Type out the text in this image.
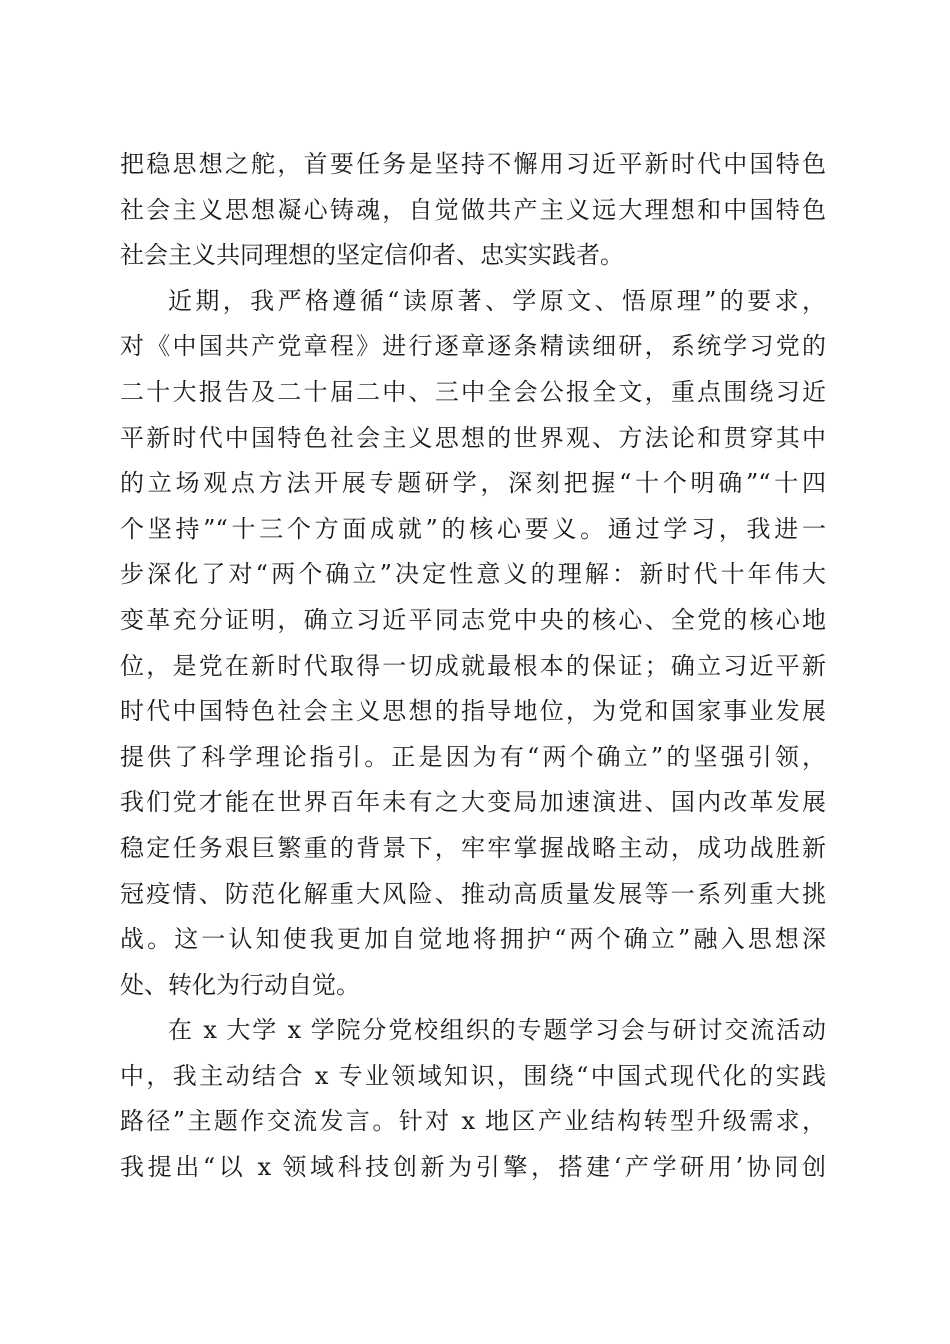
把稳思想之舵，首要任务是坚持不懈用习近平新时代中国特色
社会主义思想凝心铸魂，自觉做共产主义远大理想和中国特色
社会主义共同理想的坚定信仰者、忠实实践者。
近期，我严格遵循“读原著、学原文、悟原理”的要求，
对《中国共产党章程》进行逐章逐条精读细研，系统学习党的
二十大报告及二十届二中、三中全会公报全文，重点围绕习近
平新时代中国特色社会主义思想的世界观、方法论和贯穿其中
的立场观点方法开展专题研学，深刻把握“十个明确”“十四
个坚持”“十三个方面成就”的核心要义。通过学习，我进一
步深化了对“两个确立”决定性意义的理解：新时代十年伟大
变革充分证明，确立习近平同志党中央的核心、全党的核心地
位，是党在新时代取得一切成就最根本的保证；确立习近平新
时代中国特色社会主义思想的指导地位，为党和国家事业发展
提供了科学理论指引。正是因为有“两个确立”的坚强引领，
我们党才能在世界百年未有之大变局加速演进、国内改革发展
稳定任务艰巨繁重的背景下，牢牢掌握战略主动，成功战胜新
冠疫情、防范化解重大风险、推动高质量发展等一系列重大挑
战。这一认知使我更加自觉地将拥护“两个确立”融入思想深
处、转化为行动自觉。
在 x 大学 x 学院分党校组织的专题学习会与研讨交流活动
中，我主动结合 x 专业领域知识，围绕“中国式现代化的实践
路径”主题作交流发言。针对 x 地区产业结构转型升级需求，
我提出“以 x 领域科技创新为引擎，搭建‘产学研用’协同创
